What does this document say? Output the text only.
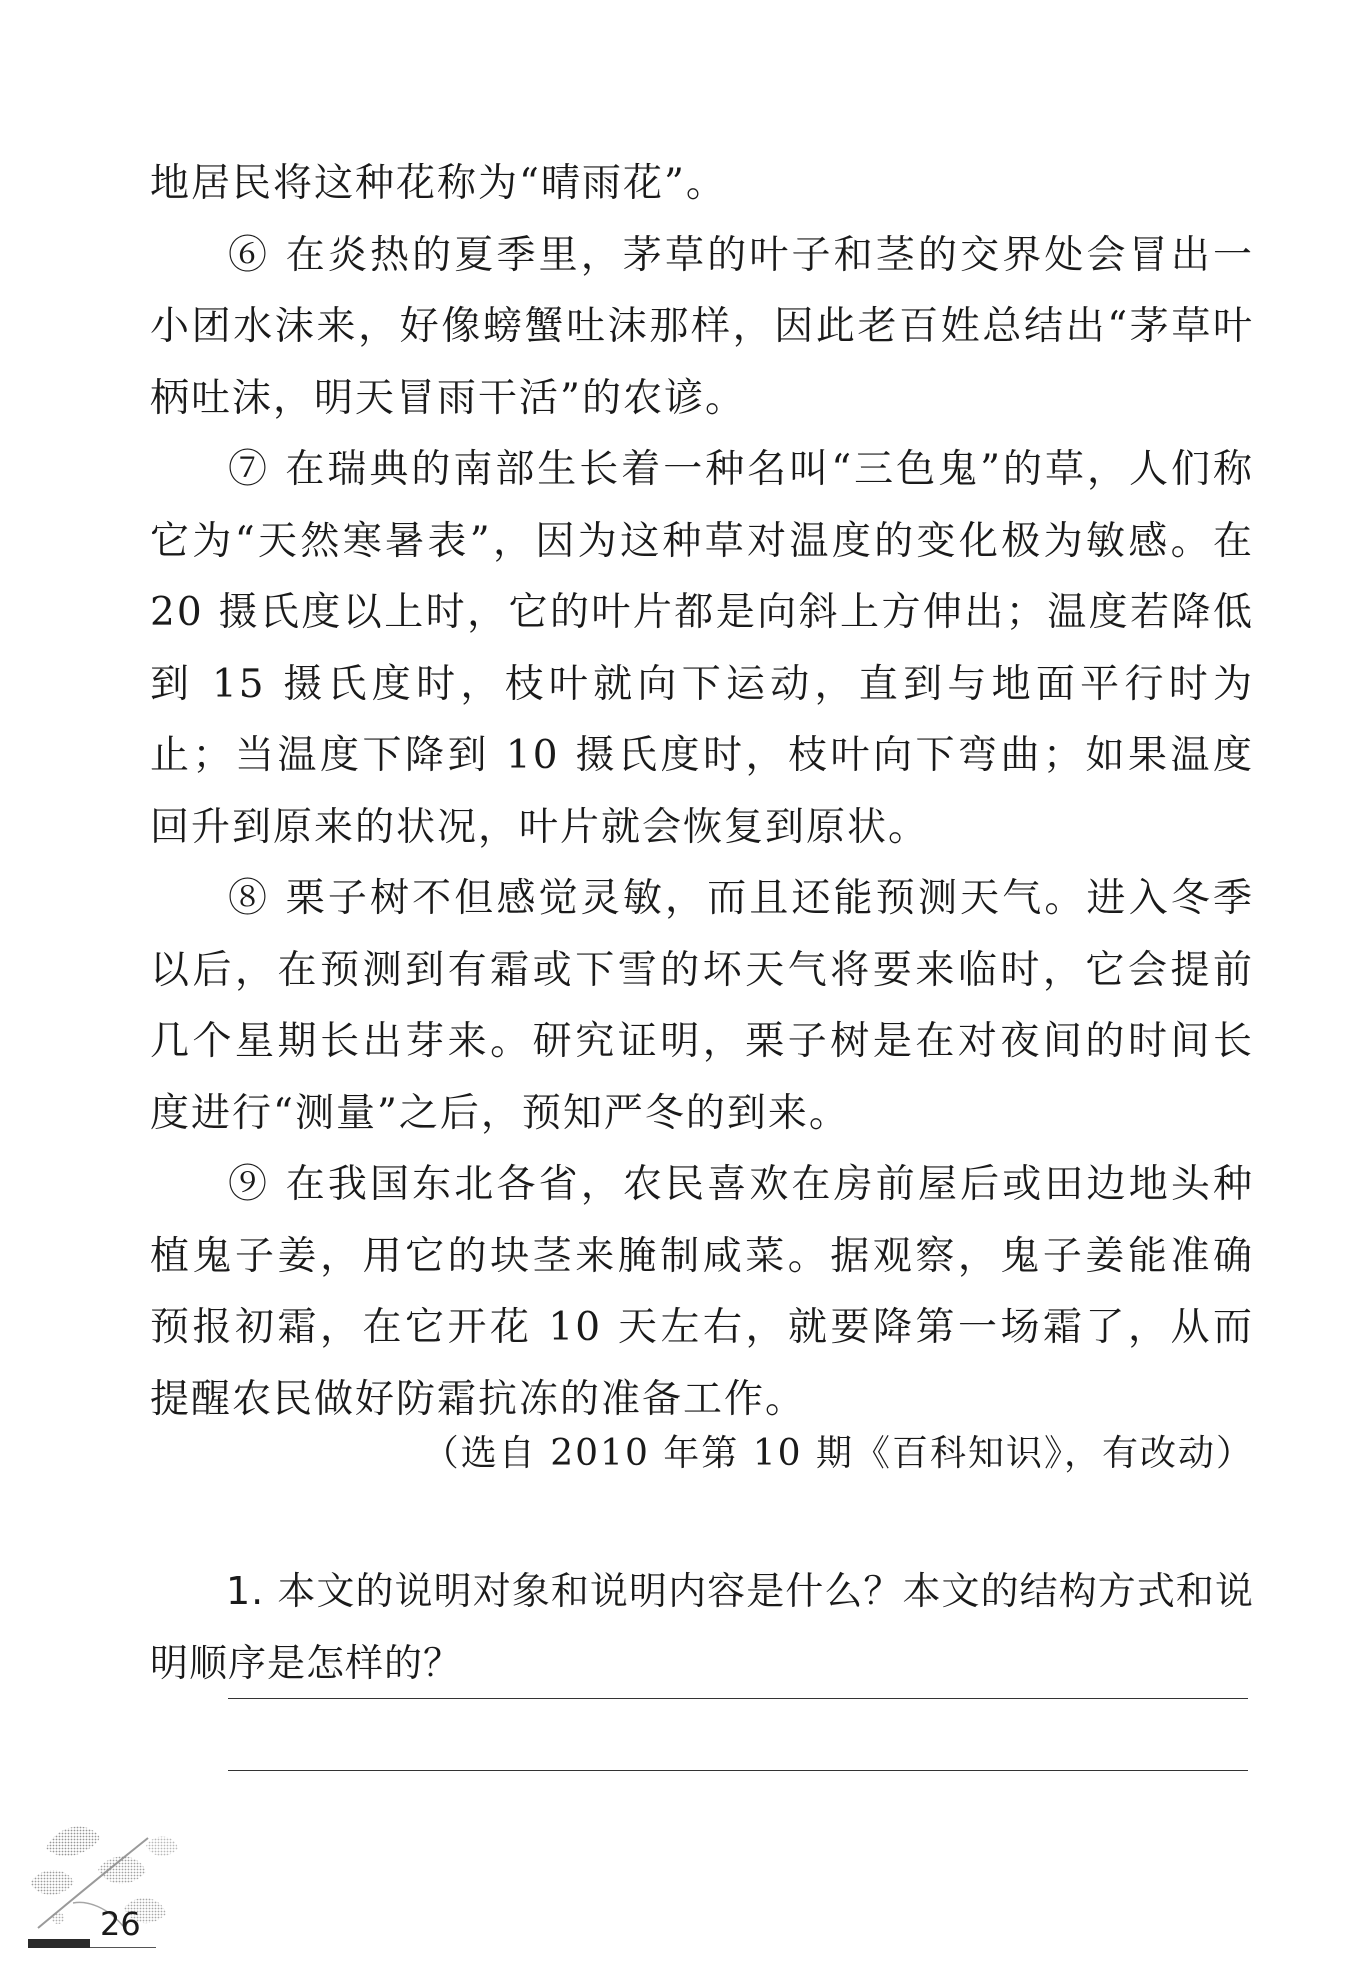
地居民将这种花称为“晴雨花”。

⑥ 在炎热的夏季里，茅草的叶子和茎的交界处会冒出一小团水沫来，好像螃蟹吐沫那样，因此老百姓总结出“茅草叶柄吐沫，明天冒雨干活”的农谚。

⑦ 在瑞典的南部生长着一种名叫“三色鬼”的草，人们称它为“天然寒暑表”，因为这种草对温度的变化极为敏感。在 20 摄氏度以上时，它的叶片都是向斜上方伸出；温度若降低到 15 摄氏度时，枝叶就向下运动，直到与地面平行时为止；当温度下降到 10 摄氏度时，枝叶向下弯曲；如果温度回升到原来的状况，叶片就会恢复到原状。

⑧ 栗子树不但感觉灵敏，而且还能预测天气。进入冬季以后，在预测到有霜或下雪的坏天气将要来临时，它会提前几个星期长出芽来。研究证明，栗子树是在对夜间的时间长度进行“测量”之后，预知严冬的到来。

⑨ 在我国东北各省，农民喜欢在房前屋后或田边地头种植鬼子姜，用它的块茎来腌制咸菜。据观察，鬼子姜能准确预报初霜，在它开花 10 天左右，就要降第一场霜了，从而提醒农民做好防霜抗冻的准备工作。

（选自 2010 年第 10 期《百科知识》，有改动）

1. 本文的说明对象和说明内容是什么？本文的结构方式和说明顺序是怎样的？

26
